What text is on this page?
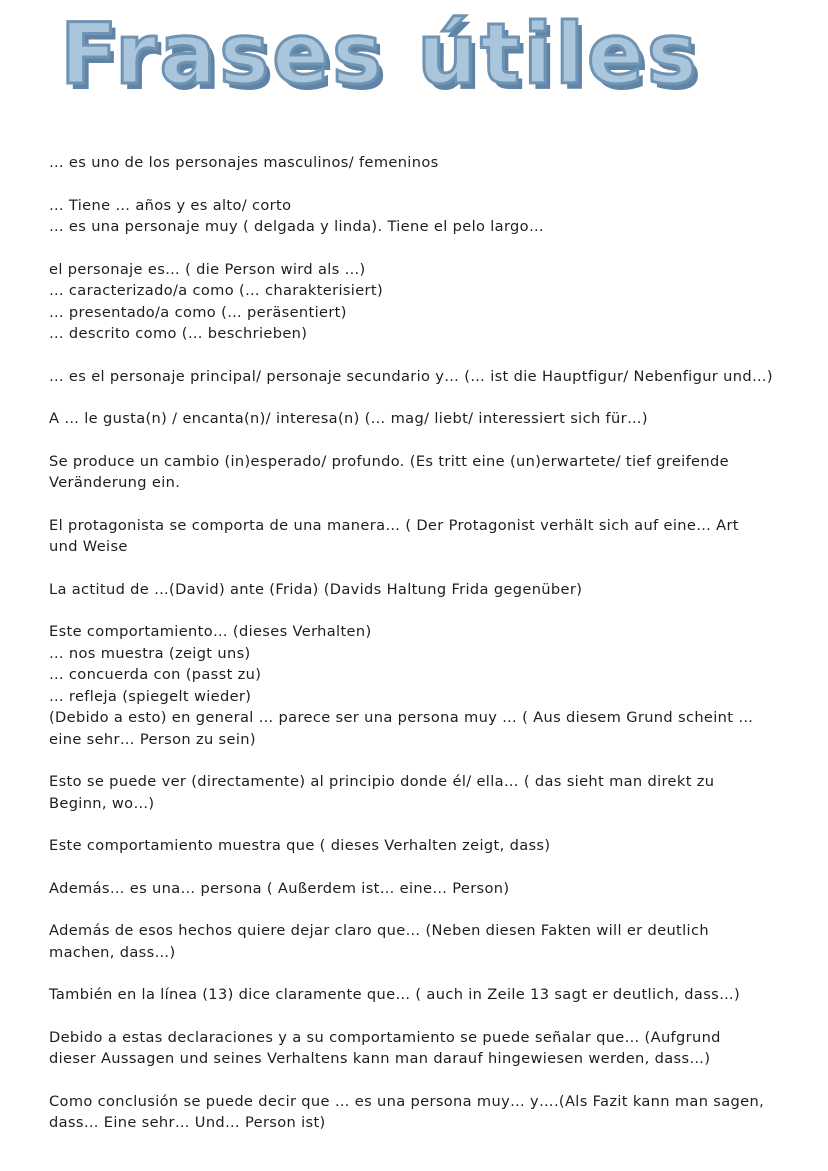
Frases útiles
… es uno de los personajes masculinos/ femeninos
… Tiene … años y es alto/ corto
… es una personaje muy ( delgada y linda). Tiene el pelo largo…
el personaje es… ( die Person wird als …)
… caracterizado/a como (… charakterisiert)
… presentado/a como (… peräsentiert)
… descrito como (… beschrieben)
… es el personaje principal/ personaje secundario y… (… ist die Hauptfigur/ Nebenfigur und…)
A … le gusta(n) / encanta(n)/ interesa(n) (… mag/ liebt/ interessiert sich für…)
Se produce un cambio (in)esperado/ profundo. (Es tritt eine (un)erwartete/ tief greifende
Veränderung ein.
El protagonista se comporta de una manera… ( Der Protagonist verhält sich auf eine… Art
und Weise
La actitud de …(David) ante (Frida) (Davids Haltung Frida gegenüber)
Este comportamiento… (dieses Verhalten)
… nos muestra (zeigt uns)
… concuerda con (passt zu)
… refleja (spiegelt wieder)
(Debido a esto) en general … parece ser una persona muy … ( Aus diesem Grund scheint …
eine sehr… Person zu sein)
Esto se puede ver (directamente) al principio donde él/ ella… ( das sieht man direkt zu
Beginn, wo…)
Este comportamiento muestra que ( dieses Verhalten zeigt, dass)
Además… es una… persona ( Außerdem ist… eine… Person)
Además de esos hechos quiere dejar claro que… (Neben diesen Fakten will er deutlich
machen, dass…)
También en la línea (13) dice claramente que… ( auch in Zeile 13 sagt er deutlich, dass…)
Debido a estas declaraciones y a su comportamiento se puede señalar que… (Aufgrund
dieser Aussagen und seines Verhaltens kann man darauf hingewiesen werden, dass…)
Como conclusión se puede decir que … es una persona muy… y….(Als Fazit kann man sagen,
dass… Eine sehr… Und… Person ist)
